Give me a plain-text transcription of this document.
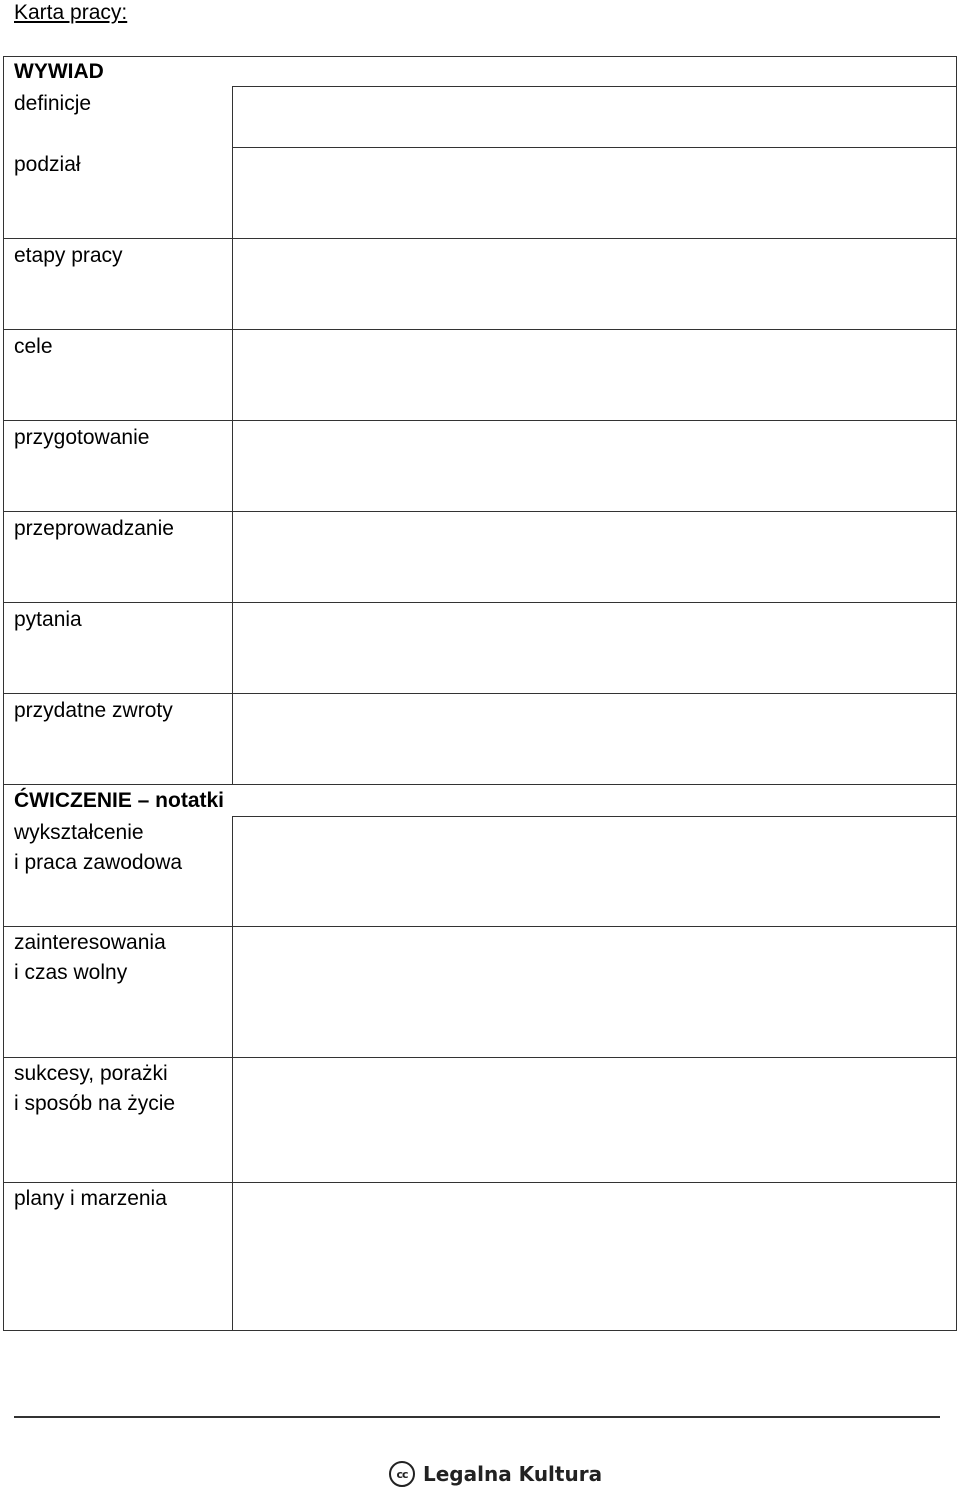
Karta pracy:
WYWIAD
definicje
podział
etapy pracy
cele
przygotowanie
przeprowadzanie
pytania
przydatne zwroty
ĆWICZENIE – notatki
wykształcenie
i praca zawodowa
zainteresowania
i czas wolny
sukcesy, porażki
i sposób na życie
plany i marzenia
cc Legalna Kultura
